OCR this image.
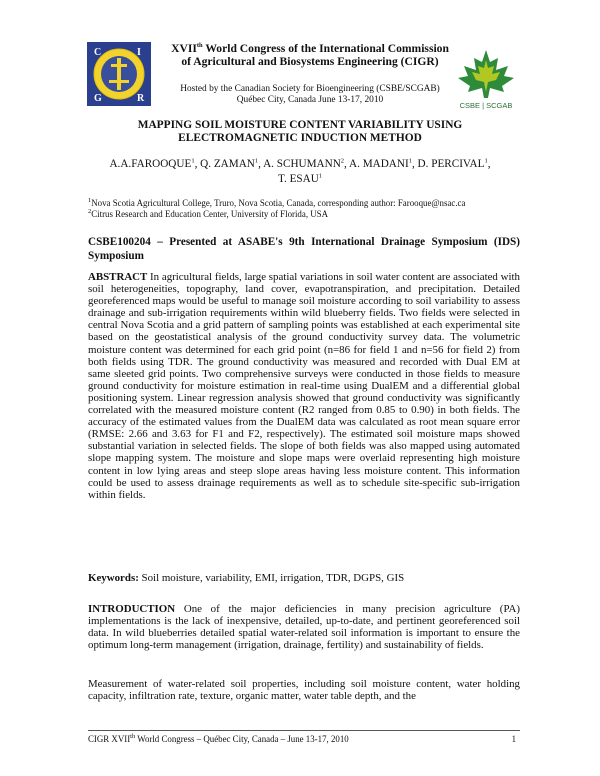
C	I
G	R
CSBE | SCGAB
XVIIth World Congress of the International Commission
of Agricultural and Biosystems Engineering (CIGR)
Hosted by the Canadian Society for Bioengineering (CSBE/SCGAB)
Québec City, Canada June 13-17, 2010
MAPPING SOIL MOISTURE CONTENT VARIABILITY USING
ELECTROMAGNETIC INDUCTION METHOD
A.A.FAROOQUE$^1$, Q. ZAMAN$^1$, A. SCHUMANN$^2$, A. MADANI$^1$, D. PERCIVAL$^1$,
T. ESAU$^1$
$^1$Nova Scotia Agricultural College, Truro, Nova Scotia, Canada, corresponding author: Farooque@nsac.ca
$^2$Citrus Research and Education Center, University of Florida, USA
CSBE100204 – Presented at ASABE's 9th International Drainage Symposium (IDS) Symposium
ABSTRACT In agricultural fields, large spatial variations in soil water content are associated with soil heterogeneities, topography, land cover, evapotranspiration, and precipitation. Detailed georeferenced maps would be useful to manage soil moisture according to soil variability to assess drainage and sub-irrigation requirements within wild blueberry fields. Two fields were selected in central Nova Scotia and a grid pattern of sampling points was established at each experimental site based on the geostatistical analysis of the ground conductivity survey data. The volumetric moisture content was determined for each grid point (n=86 for field 1 and n=56 for field 2) from both fields using TDR. The ground conductivity was measured and recorded with Dual EM at same sleeted grid points. Two comprehensive surveys were conducted in those fields to measure ground conductivity for moisture estimation in real-time using DualEM and a differential global positioning system. Linear regression analysis showed that ground conductivity was significantly correlated with the measured moisture content (R2 ranged from 0.85 to 0.90) in both fields. The accuracy of the estimated values from the DualEM data was calculated as root mean square error (RMSE: 2.66 and 3.63 for F1 and F2, respectively). The estimated soil moisture maps showed substantial variation in selected fields. The slope of both fields was also mapped using automated slope mapping system. The moisture and slope maps were overlaid representing high moisture content in low lying areas and steep slope areas having less moisture content. This information could be used to assess drainage requirements as well as to schedule site-specific sub-irrigation within fields.
Keywords: Soil moisture, variability, EMI, irrigation, TDR, DGPS, GIS
INTRODUCTION One of the major deficiencies in many precision agriculture (PA) implementations is the lack of inexpensive, detailed, up-to-date, and pertinent georeferenced soil data. In wild blueberries detailed spatial water-related soil information is important to ensure the optimum long-term management (irrigation, drainage, fertility) and sustainability of fields.
Measurement of water-related soil properties, including soil moisture content, water holding capacity, infiltration rate, texture, organic matter, water table depth, and the
CIGR XVIIth World Congress – Québec City, Canada – June 13-17, 2010	1
